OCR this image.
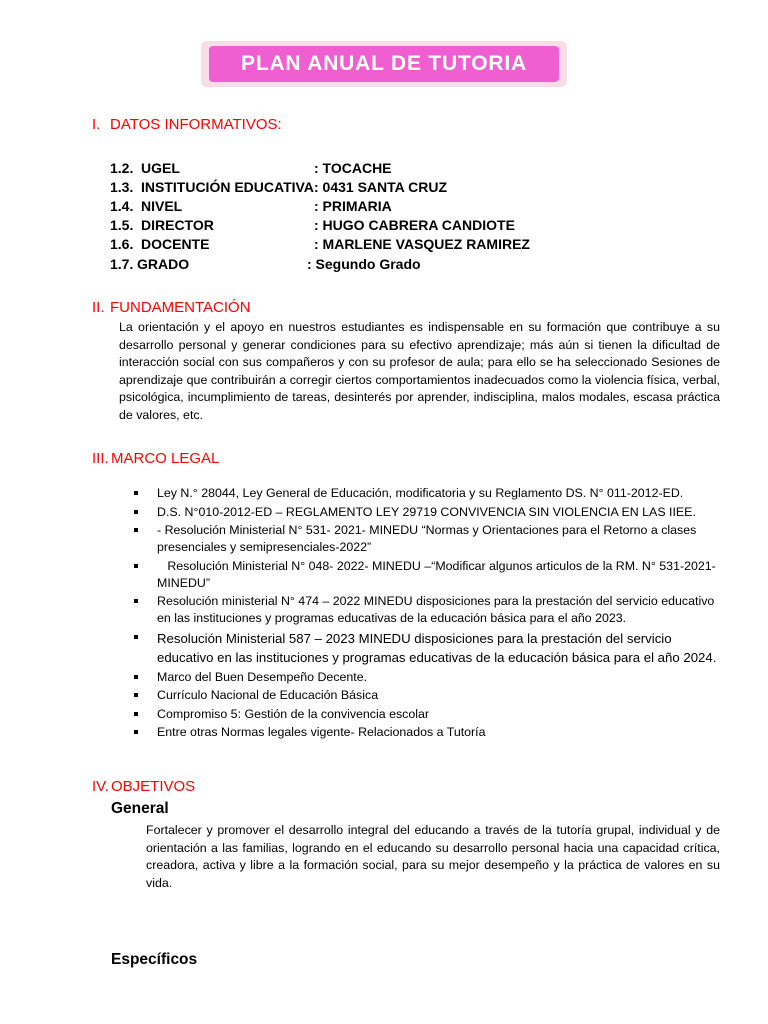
PLAN ANUAL DE TUTORIA
I. DATOS INFORMATIVOS:
1.2. UGEL	: TOCACHE
1.3. INSTITUCIÓN EDUCATIVA : 0431 SANTA CRUZ
1.4. NIVEL	: PRIMARIA
1.5. DIRECTOR	: HUGO CABRERA CANDIOTE
1.6. DOCENTE	: MARLENE VASQUEZ RAMIREZ
1.7. GRADO	: Segundo Grado
II. FUNDAMENTACIÓN
La orientación y el apoyo en nuestros estudiantes es indispensable en su formación que contribuye a su desarrollo personal y generar condiciones para su efectivo aprendizaje; más aún si tienen la dificultad de interacción social con sus compañeros y con su profesor de aula; para ello se ha seleccionado Sesiones de aprendizaje que contribuirán a corregir ciertos comportamientos inadecuados como la violencia física, verbal, psicológica, incumplimiento de tareas, desinterés por aprender, indisciplina, malos modales, escasa práctica de valores, etc.
III. MARCO LEGAL
Ley N.° 28044, Ley General de Educación, modificatoria y su Reglamento DS. N° 011-2012-ED.
D.S. N°010-2012-ED – REGLAMENTO LEY 29719 CONVIVENCIA SIN VIOLENCIA EN LAS IIEE.
- Resolución Ministerial N° 531- 2021- MINEDU “Normas y Orientaciones para el Retorno a clases presenciales y semipresenciales-2022”
Resolución Ministerial N° 048- 2022- MINEDU –“Modificar algunos articulos de la RM. N° 531-2021-MINEDU”
Resolución ministerial N° 474 – 2022 MINEDU disposiciones para la prestación del servicio educativo en las instituciones y programas educativas de la educación básica para el año 2023.
Resolución Ministerial 587 – 2023 MINEDU disposiciones para la prestación del servicio educativo en las instituciones y programas educativas de la educación básica para el año 2024.
Marco del Buen Desempeño Decente.
Currículo Nacional de Educación Básica
Compromiso 5: Gestión de la convivencia escolar
Entre otras Normas legales vigente- Relacionados a Tutoría
IV. OBJETIVOS
General
Fortalecer y promover el desarrollo integral del educando a través de la tutoría grupal, individual y de orientación a las familias, logrando en el educando su desarrollo personal hacia una capacidad crítica, creadora, activa y libre a la formación social, para su mejor desempeño y la práctica de valores en su vida.
Específicos
